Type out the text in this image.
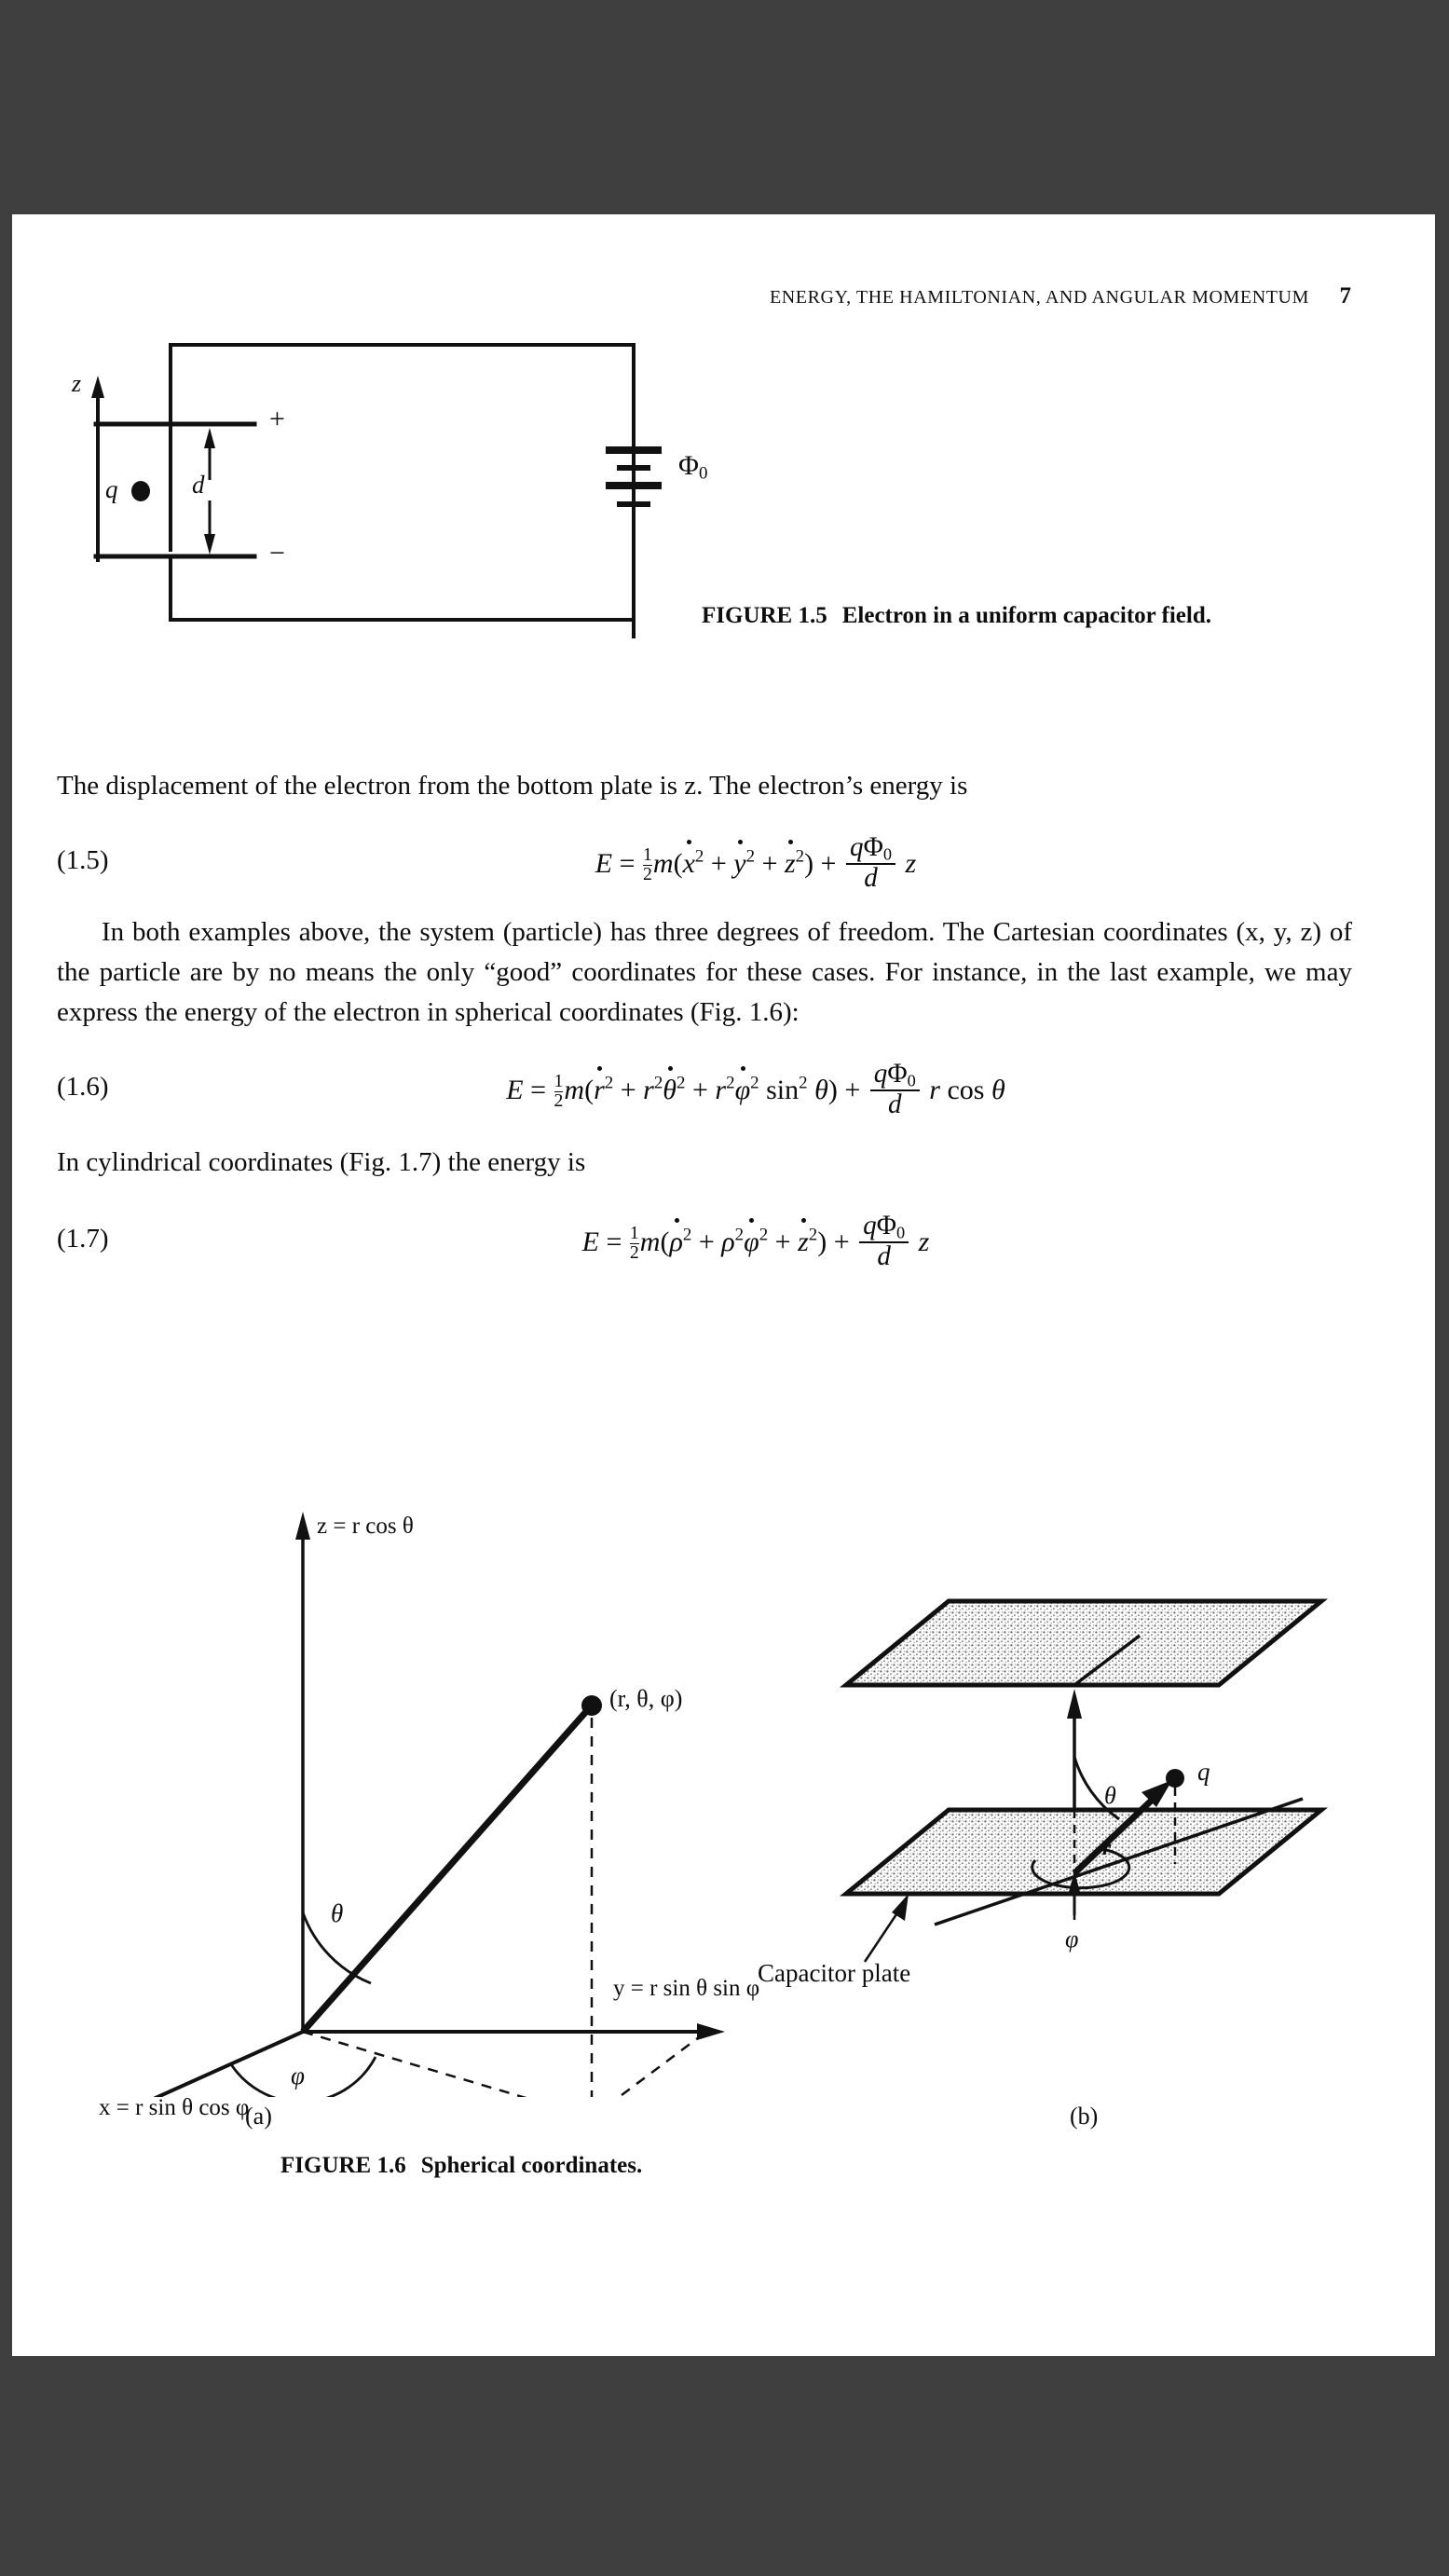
ENERGY, THE HAMILTONIAN, AND ANGULAR MOMENTUM 7
z
q	d
+
−
$\Phi_0$
FIGURE 1.5 Electron in a uniform capacitor field.

The displacement of the electron from the bottom plate is z. The electron’s energy is

(1.5)	$E = \frac{1}{2} m(x^2 + y^2 + z^2) + \frac{q\Phi_0}{d}$ z

In both examples above, the system (particle) has three degrees of freedom. The Cartesian coordinates (x, y, z) of the particle are by no means the only “good” coordinates for these cases. For instance, in the last example, we may express the energy of the electron in spherical coordinates (Fig. 1.6):

(1.6)	$E = \frac{1}{2} m(r^2 + r^2\theta^2 + r^2\varphi^2$ $\sin^2 \theta) + \frac{q\Phi_0}{d}$ r cos θ

In cylindrical coordinates (Fig. 1.7) the energy is

(1.7)	$E = \frac{1}{2} m(\rho^2 + \rho^2\varphi^2 + z^2) + \frac{q\Phi_0}{d}$ z
z = r cos θ
(r, θ, φ)
y = r sin θ sin φ
x = r sin θ cos φ
θ
φ
q
θ
r
φ
Capacitor plate
(a)	(b)
FIGURE 1.6 Spherical coordinates.
